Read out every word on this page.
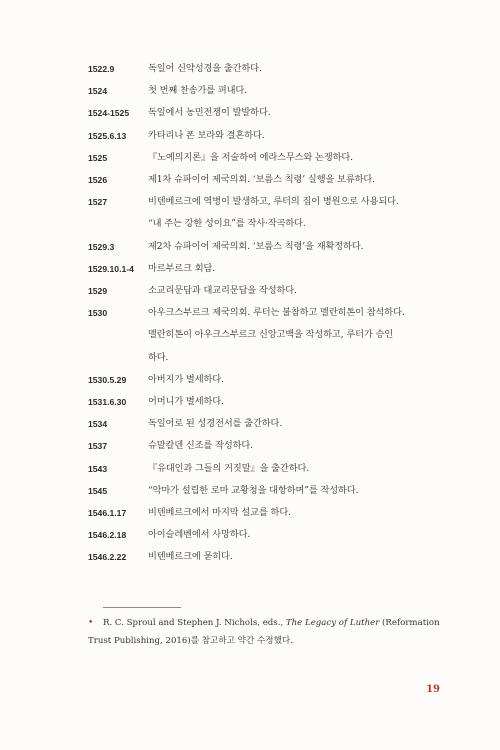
1522.9	독일어 신약성경을 출간하다.
1524	첫 번째 찬송가를 펴내다.
1524-1525	독일에서 농민전쟁이 발발하다.
1525.6.13	카타리나 폰 보라와 결혼하다.
1525	『노예의지론』을 저술하여 에라스무스와 논쟁하다.
1526	제1차 슈파이어 제국의회. ‘보름스 칙령’ 실행을 보류하다.
1527	비텐베르크에 역병이 발생하고, 루터의 집이 병원으로 사용되다.
“내 주는 강한 성이요”를 작사·작곡하다.
1529.3	제2차 슈파이어 제국의회. ‘보름스 칙령’을 재확정하다.
1529.10.1-4	마르부르크 회담.
1529	소교리문답과 대교리문답을 작성하다.
1530	아우크스부르크 제국의회. 루터는 불참하고 멜란히톤이 참석하다.
멜란히톤이 아우크스부르크 신앙고백을 작성하고, 루터가 승인
하다.
1530.5.29	아버지가 별세하다.
1531.6.30	어머니가 별세하다.
1534	독일어로 된 성경전서를 출간하다.
1537	슈말칼덴 신조를 작성하다.
1543	『유대인과 그들의 거짓말』을 출간하다.
1545	“악마가 설립한 로마 교황청을 대항하며”를 작성하다.
1546.1.17	비텐베르크에서 마지막 설교를 하다.
1546.2.18	아이슬레벤에서 사망하다.
1546.2.22	비텐베르크에 묻히다.
•	R. C. Sproul and Stephen J. Nichols, eds., The Legacy of Luther (Reformation
Trust Publishing, 2016)를 참고하고 약간 수정했다.
19
